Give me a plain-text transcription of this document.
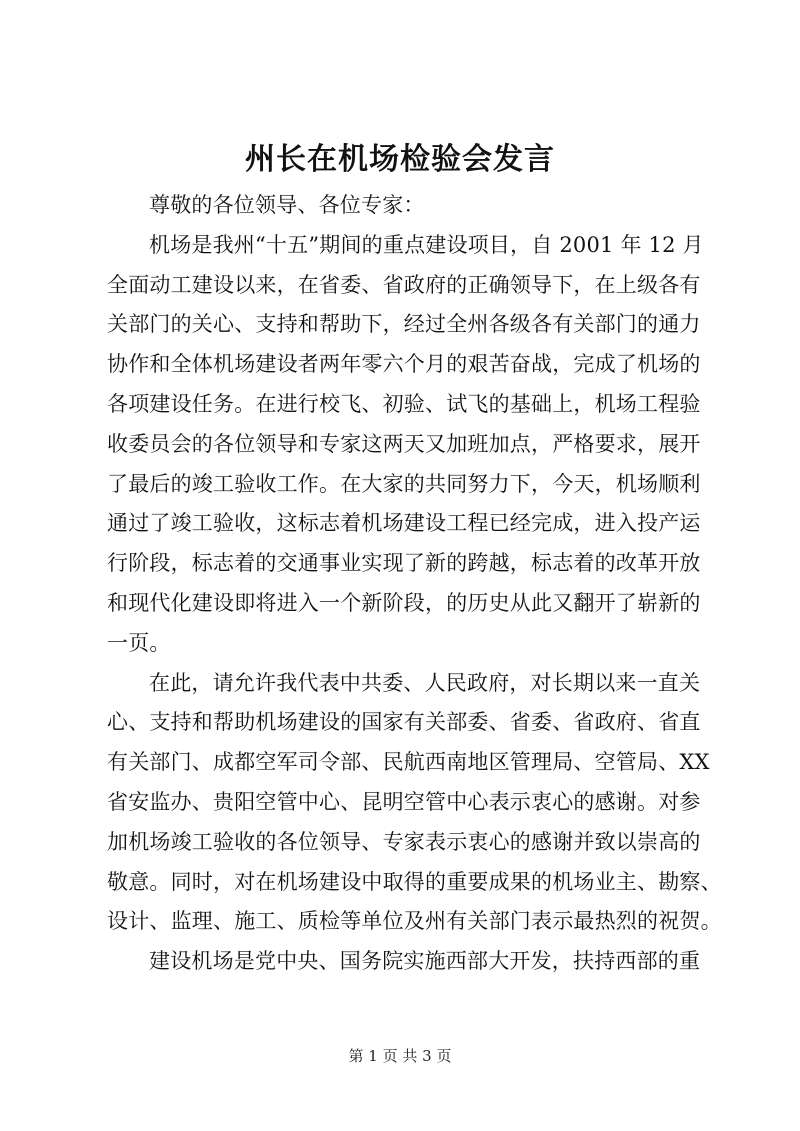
州长在机场检验会发言
尊敬的各位领导、各位专家：
机场是我州“十五”期间的重点建设项目，自 2001 年 12 月
全面动工建设以来，在省委、省政府的正确领导下，在上级各有
关部门的关心、支持和帮助下，经过全州各级各有关部门的通力
协作和全体机场建设者两年零六个月的艰苦奋战，完成了机场的
各项建设任务。在进行校飞、初验、试飞的基础上，机场工程验
收委员会的各位领导和专家这两天又加班加点，严格要求，展开
了最后的竣工验收工作。在大家的共同努力下，今天，机场顺利
通过了竣工验收，这标志着机场建设工程已经完成，进入投产运
行阶段，标志着的交通事业实现了新的跨越，标志着的改革开放
和现代化建设即将进入一个新阶段，的历史从此又翻开了崭新的
一页。
在此，请允许我代表中共委、人民政府，对长期以来一直关
心、支持和帮助机场建设的国家有关部委、省委、省政府、省直
有关部门、成都空军司令部、民航西南地区管理局、空管局、XX
省安监办、贵阳空管中心、昆明空管中心表示衷心的感谢。对参
加机场竣工验收的各位领导、专家表示衷心的感谢并致以崇高的
敬意。同时，对在机场建设中取得的重要成果的机场业主、勘察、
设计、监理、施工、质检等单位及州有关部门表示最热烈的祝贺。
建设机场是党中央、国务院实施西部大开发，扶持西部的重
第 1 页 共 3 页
